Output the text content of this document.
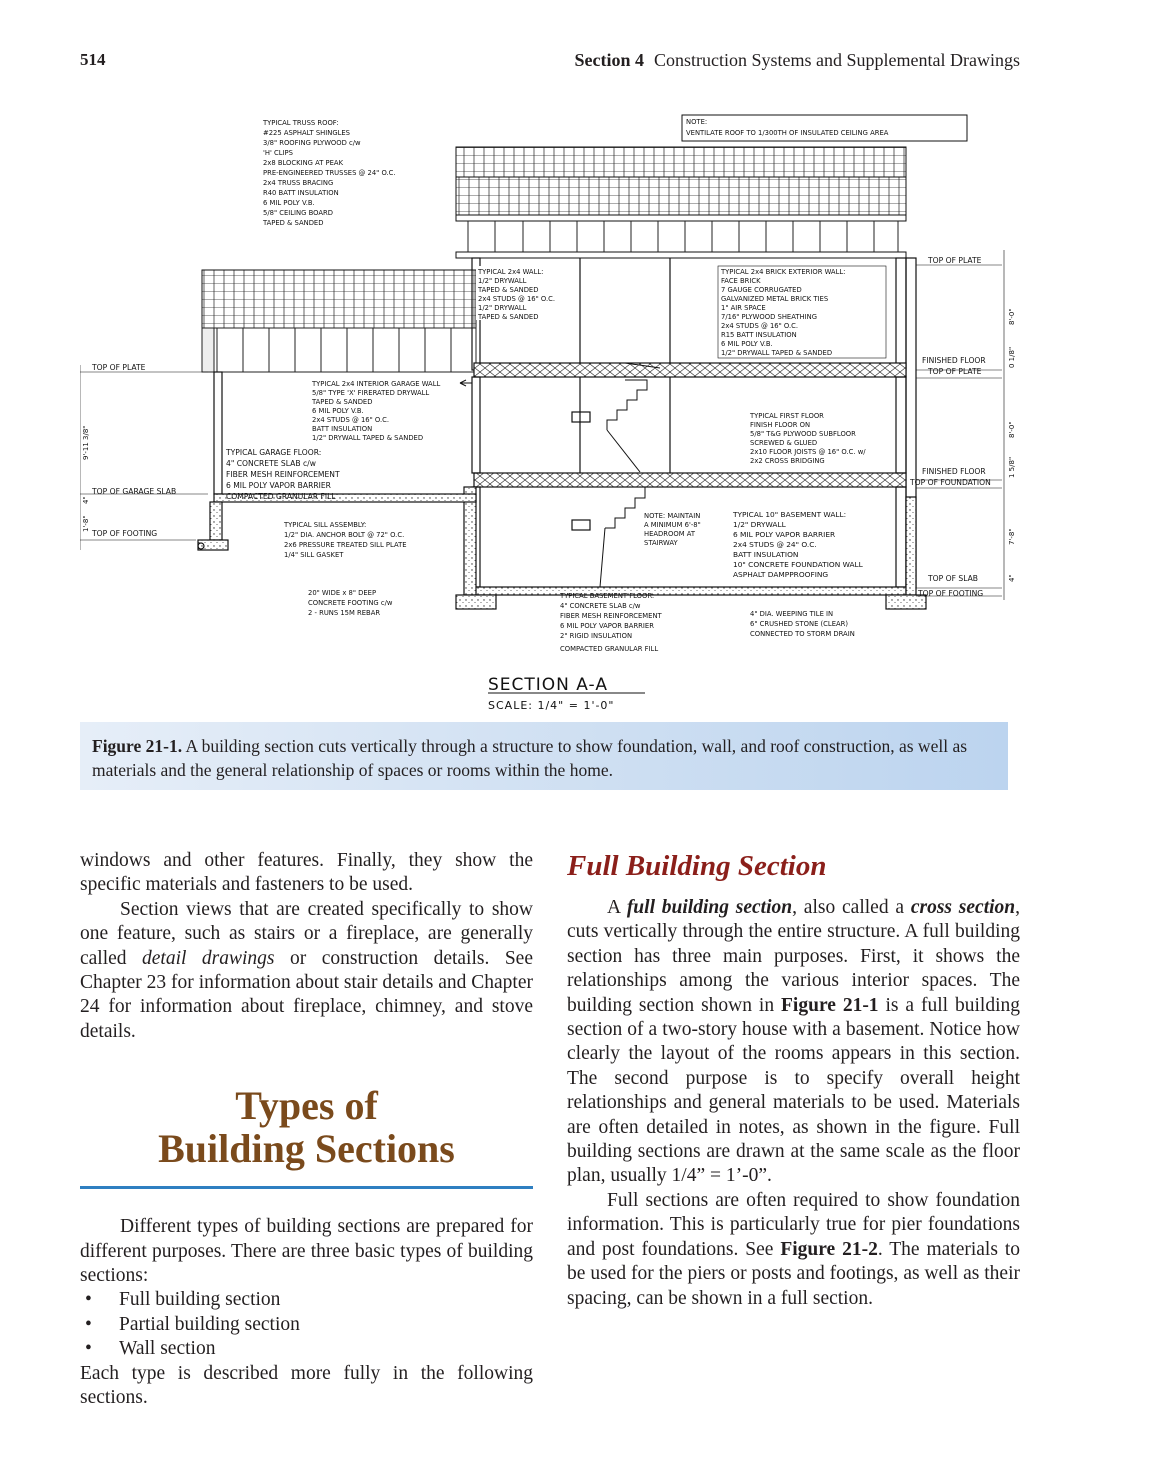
514	Section 4 Construction Systems and Supplemental Drawings
TYPICAL TRUSS ROOF:
#225 ASPHALT SHINGLES
3/8" ROOFING PLYWOOD c/w
'H' CLIPS
2x8 BLOCKING AT PEAK
PRE-ENGINEERED TRUSSES @ 24" O.C.
2x4 TRUSS BRACING
R40 BATT INSULATION
6 MIL POLY V.B.
5/8" CEILING BOARD
TAPED & SANDED
NOTE:
VENTILATE ROOF TO 1/300TH OF INSULATED CEILING AREA
TYPICAL 2x4 WALL:
1/2" DRYWALL
TAPED & SANDED
2x4 STUDS @ 16" O.C.
1/2" DRYWALL
TAPED & SANDED
TYPICAL 2x4 BRICK EXTERIOR WALL:
FACE BRICK
7 GAUGE CORRUGATED
GALVANIZED METAL BRICK TIES
1" AIR SPACE
7/16" PLYWOOD SHEATHING
2x4 STUDS @ 16" O.C.
R15 BATT INSULATION
6 MIL POLY V.B.
1/2" DRYWALL TAPED & SANDED
TYPICAL 2x4 INTERIOR GARAGE WALL
5/8" TYPE 'X' FIRERATED DRYWALL
TAPED & SANDED
6 MIL POLY V.B.
2x4 STUDS @ 16" O.C.
BATT INSULATION
1/2" DRYWALL TAPED & SANDED
TYPICAL GARAGE FLOOR:
4" CONCRETE SLAB c/w
FIBER MESH REINFORCEMENT
6 MIL POLY VAPOR BARRIER
COMPACTED GRANULAR FILL
TYPICAL FIRST FLOOR
FINISH FLOOR ON
5/8" T&G PLYWOOD SUBFLOOR
SCREWED & GLUED
2x10 FLOOR JOISTS @ 16" O.C. w/
2x2 CROSS BRIDGING
TYPICAL SILL ASSEMBLY:
1/2" DIA. ANCHOR BOLT @ 72" O.C.
2x6 PRESSURE TREATED SILL PLATE
1/4" SILL GASKET
NOTE: MAINTAIN
A MINIMUM 6'-8"
HEADROOM AT
STAIRWAY
TYPICAL 10" BASEMENT WALL:
1/2" DRYWALL
6 MIL POLY VAPOR BARRIER
2x4 STUDS @ 24" O.C.
BATT INSULATION
10" CONCRETE FOUNDATION WALL
ASPHALT DAMPPROOFING
20" WIDE x 8" DEEP
CONCRETE FOOTING c/w
2 - RUNS 15M REBAR
TYPICAL BASEMENT FLOOR:
4" CONCRETE SLAB c/w
FIBER MESH REINFORCEMENT
6 MIL POLY VAPOR BARRIER
2" RIGID INSULATION
COMPACTED GRANULAR FILL
4" DIA. WEEPING TILE IN
6" CRUSHED STONE (CLEAR)
CONNECTED TO STORM DRAIN
TOP OF PLATE
FINISHED FLOOR
TOP OF PLATE
FINISHED FLOOR
TOP OF FOUNDATION
TOP OF SLAB
TOP OF FOOTING
8'-0"
0 1/8"
8'-0"
1 5/8"
7'-8"
4"
TOP OF PLATE
TOP OF GARAGE SLAB
TOP OF FOOTING
9'-11 3/8"
1'-8"
4"
SECTION A-A
SCALE: 1/4" = 1'-0"
Figure 21-1. A building section cuts vertically through a structure to show foundation, wall, and roof construction, as well as materials and the general relationship of spaces or rooms within the home.

windows and other features. Finally, they show the specific materials and fasteners to be used.

Section views that are created specifically to show one feature, such as stairs or a fireplace, are generally called detail drawings or construction details. See Chapter 23 for information about stair details and Chapter 24 for information about fireplace, chimney, and stove details.

Types of
Building Sections

Different types of building sections are prepared for different purposes. There are three basic types of building sections:

• Full building section

• Partial building section

• Wall section

Each type is described more fully in the following sections.

Full Building Section

A full building section, also called a cross section, cuts vertically through the entire structure. A full building section has three main purposes. First, it shows the relationships among the various interior spaces. The building section shown in Figure 21-1 is a full building section of a two-story house with a basement. Notice how clearly the layout of the rooms appears in this section. The second purpose is to specify overall height relationships and general materials to be used. Materials are often detailed in notes, as shown in the figure. Full building sections are drawn at the same scale as the floor plan, usually 1/4” = 1’-0”.

Full sections are often required to show foundation information. This is particularly true for pier foundations and post foundations. See Figure 21-2. The materials to be used for the piers or posts and footings, as well as their spacing, can be shown in a full section.
